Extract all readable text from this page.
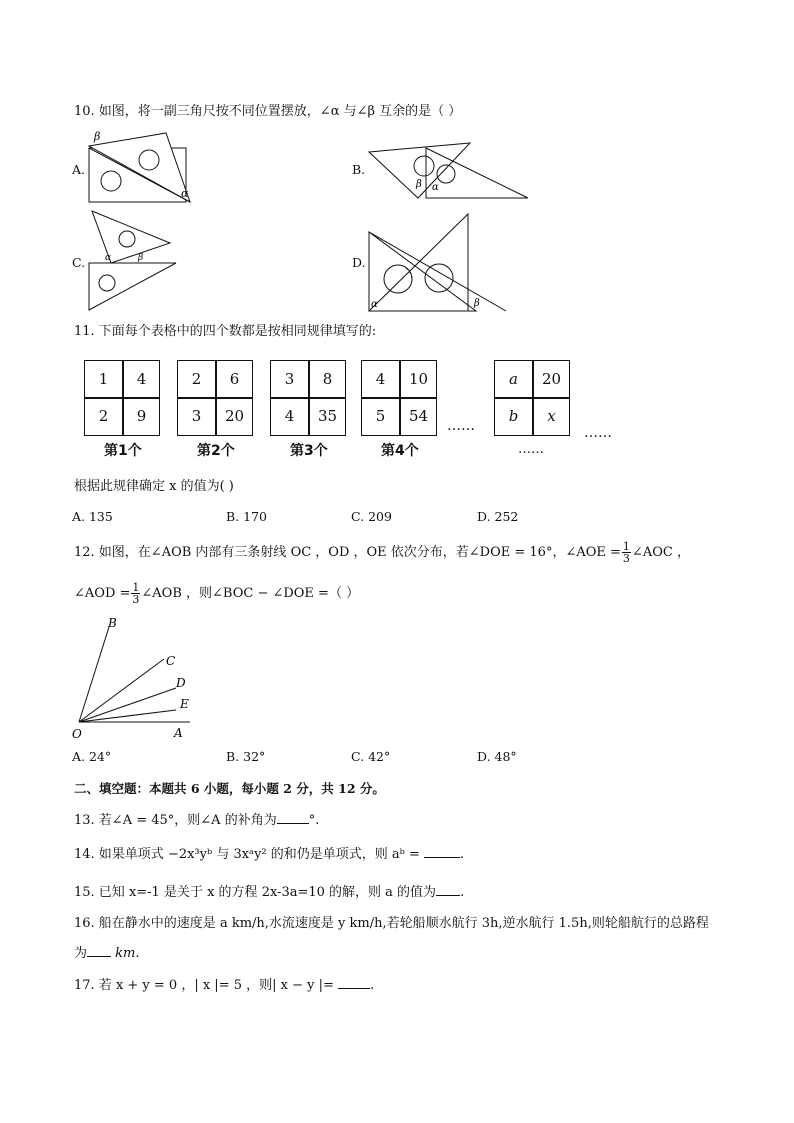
10. 如图，将一副三角尺按不同位置摆放，∠α 与∠β 互余的是（ ）
A.
β
α
B.
β α
C. α	β	D.
α	β
11. 下面每个表格中的四个数都是按相同规律填写的:
1	4
2	9
第1个
2	6
3	20
第2个
3	8
4	35
第3个
4	10
5	54
第4个
a	20
b	x
……
……	……
根据此规律确定 x 的值为( )
A. 135	B. 170	C. 209	D. 252
12. 如图，在∠AOB 内部有三条射线 OC ，OD ，OE 依次分布，若∠DOE = 16°，∠AOE = $\frac{1}{3}$ ∠AOC ，
∠AOD = $\frac{1}{3}$ ∠AOB ，则∠BOC − ∠DOE =（ ）
B
C
D
E
O	A
A. 24°	B. 32°	C. 42°	D. 48°
二、填空题：本题共 6 小题，每小题 2 分，共 12 分。
13. 若∠A = 45°，则∠A 的补角为 °.
14. 如果单项式 −2x³yᵇ 与 3xᵃy² 的和仍是单项式，则 aᵇ =	.
15. 已知 x=-1 是关于 x 的方程 2x-3a=10 的解，则 a 的值为 .
16. 船在静水中的速度是 a km/h,水流速度是 y km/h,若轮船顺水航行 3h,逆水航行 1.5h,则轮船航行的总路程
为 km.
17. 若 x + y = 0 ，| x |= 5 ，则| x − y |=	.
